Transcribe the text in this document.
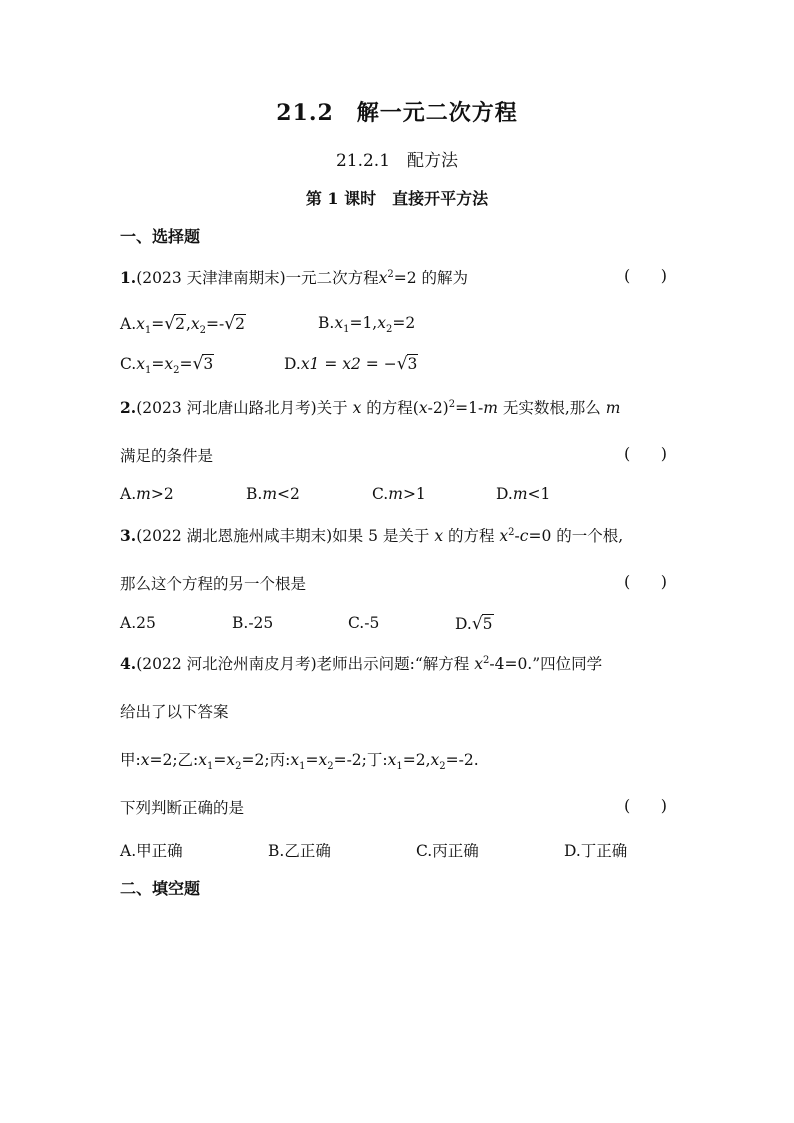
21.2　解一元二次方程
21.2.1　配方法
第 1 课时　直接开平方法
一、选择题
1.(2023 天津津南期末)一元二次方程$x^2=2$ 的解为	(      )
$A.x_1=√2,x_2=-√2$	$B.x_1=1,x_2=2$
$C.x_1=x_2=√3$	D.x1 = x2 = −√3
2.(2023 河北唐山路北月考)关于 x 的方程$(x-2)^2=1-m$ 无实数根,那么 m
满足的条件是	(      )
A.m>2	B.m<2	C.m>1	D.m<1
3.(2022 湖北恩施州咸丰期末)如果 5 是关于 x 的方程 $x^2-c=0$ 的一个根,
那么这个方程的另一个根是	(      )
A.25	B.-25	C.-5	D.√5
4.(2022 河北沧州南皮月考)老师出示问题:“解方程 $x^2-4=0$.”四位同学
给出了以下答案
甲:x=2;乙$:x_1=x_2=2$;丙$:x_1=x_2=-2$;丁$:x_1=2,x_2=-2$.
下列判断正确的是	(      )
A.甲正确	B.乙正确	C.丙正确	D.丁正确
二、填空题
